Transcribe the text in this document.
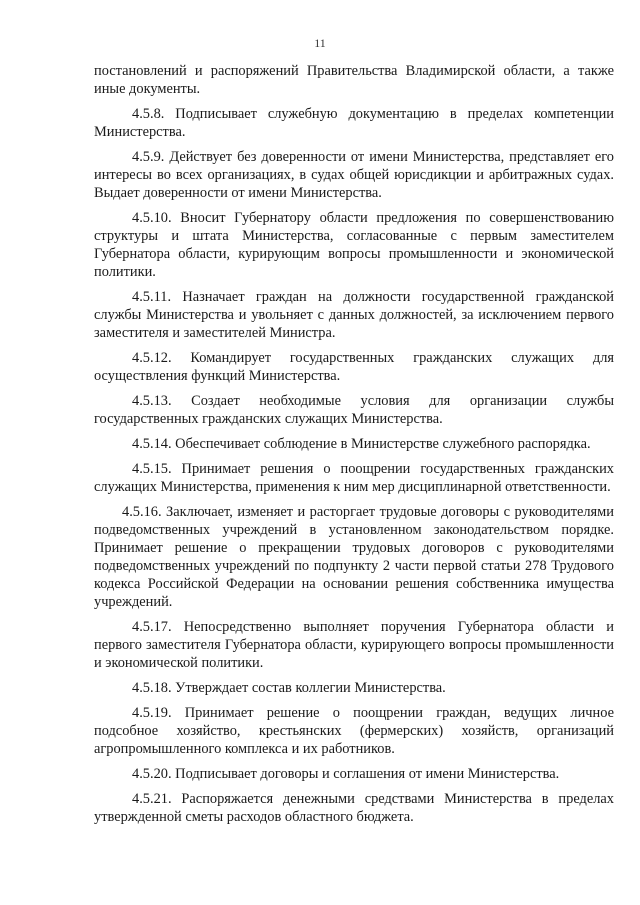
11

постановлений и распоряжений Правительства Владимирской области, а также иные документы.

4.5.8. Подписывает служебную документацию в пределах компетенции Министерства.

4.5.9. Действует без доверенности от имени Министерства, представляет его интересы во всех организациях, в судах общей юрисдикции и арбитражных судах. Выдает доверенности от имени Министерства.

4.5.10. Вносит Губернатору области предложения по совершенствованию структуры и штата Министерства, согласованные с первым заместителем Губернатора области, курирующим вопросы промышленности и экономической политики.

4.5.11. Назначает граждан на должности государственной гражданской службы Министерства и увольняет с данных должностей, за исключением первого заместителя и заместителей Министра.

4.5.12. Командирует государственных гражданских служащих для осуществления функций Министерства.

4.5.13. Создает необходимые условия для организации службы государственных гражданских служащих Министерства.

4.5.14. Обеспечивает соблюдение в Министерстве служебного распорядка.

4.5.15. Принимает решения о поощрении государственных гражданских служащих Министерства, применения к ним мер дисциплинарной ответственности.

4.5.16. Заключает, изменяет и расторгает трудовые договоры с руководителями подведомственных учреждений в установленном законодательством порядке. Принимает решение о прекращении трудовых договоров с руководителями подведомственных учреждений по подпункту 2 части первой статьи 278 Трудового кодекса Российской Федерации на основании решения собственника имущества учреждений.

4.5.17. Непосредственно выполняет поручения Губернатора области и первого заместителя Губернатора области, курирующего вопросы промышленности и экономической политики.

4.5.18. Утверждает состав коллегии Министерства.

4.5.19. Принимает решение о поощрении граждан, ведущих личное подсобное хозяйство, крестьянских (фермерских) хозяйств, организаций агропромышленного комплекса и их работников.

4.5.20. Подписывает договоры и соглашения от имени Министерства.

4.5.21. Распоряжается денежными средствами Министерства в пределах утвержденной сметы расходов областного бюджета.
